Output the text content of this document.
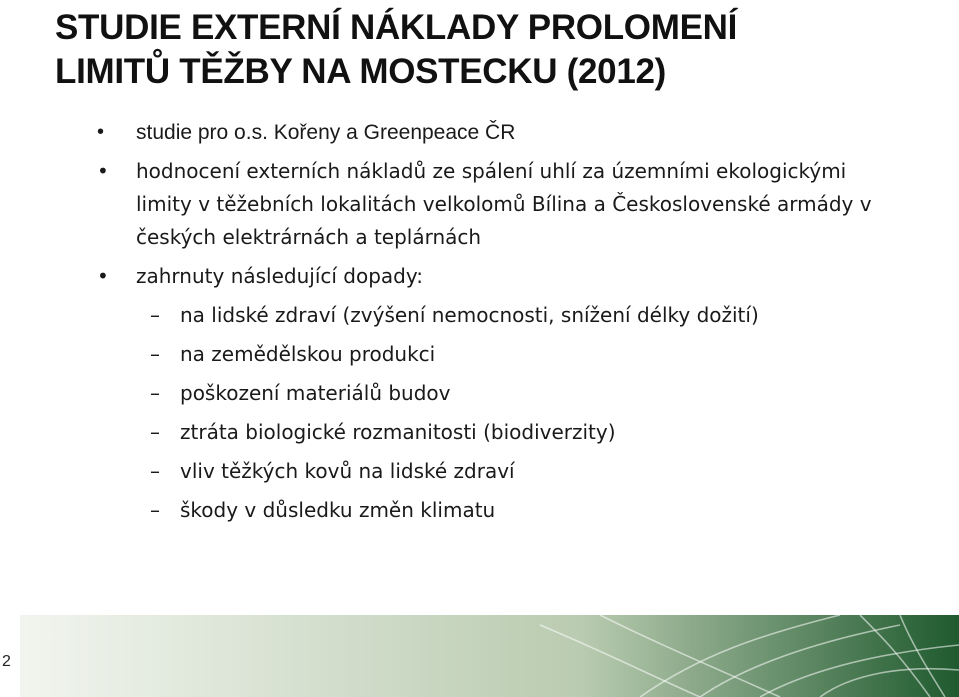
STUDIE EXTERNÍ NÁKLADY PROLOMENÍ
LIMITŮ TĚŽBY NA MOSTECKU (2012)
• studie pro o.s. Kořeny a Greenpeace ČR
• hodnocení externích nákladů ze spálení uhlí za územními ekologickými limity v těžebních lokalitách velkolomů Bílina a Československé armády v českých elektrárnách a teplárnách
• zahrnuty následující dopady:
– na lidské zdraví (zvýšení nemocnosti, snížení délky dožití)
– na zemědělskou produkci
– poškození materiálů budov
– ztráta biologické rozmanitosti (biodiverzity)
– vliv těžkých kovů na lidské zdraví
– škody v důsledku změn klimatu
2
